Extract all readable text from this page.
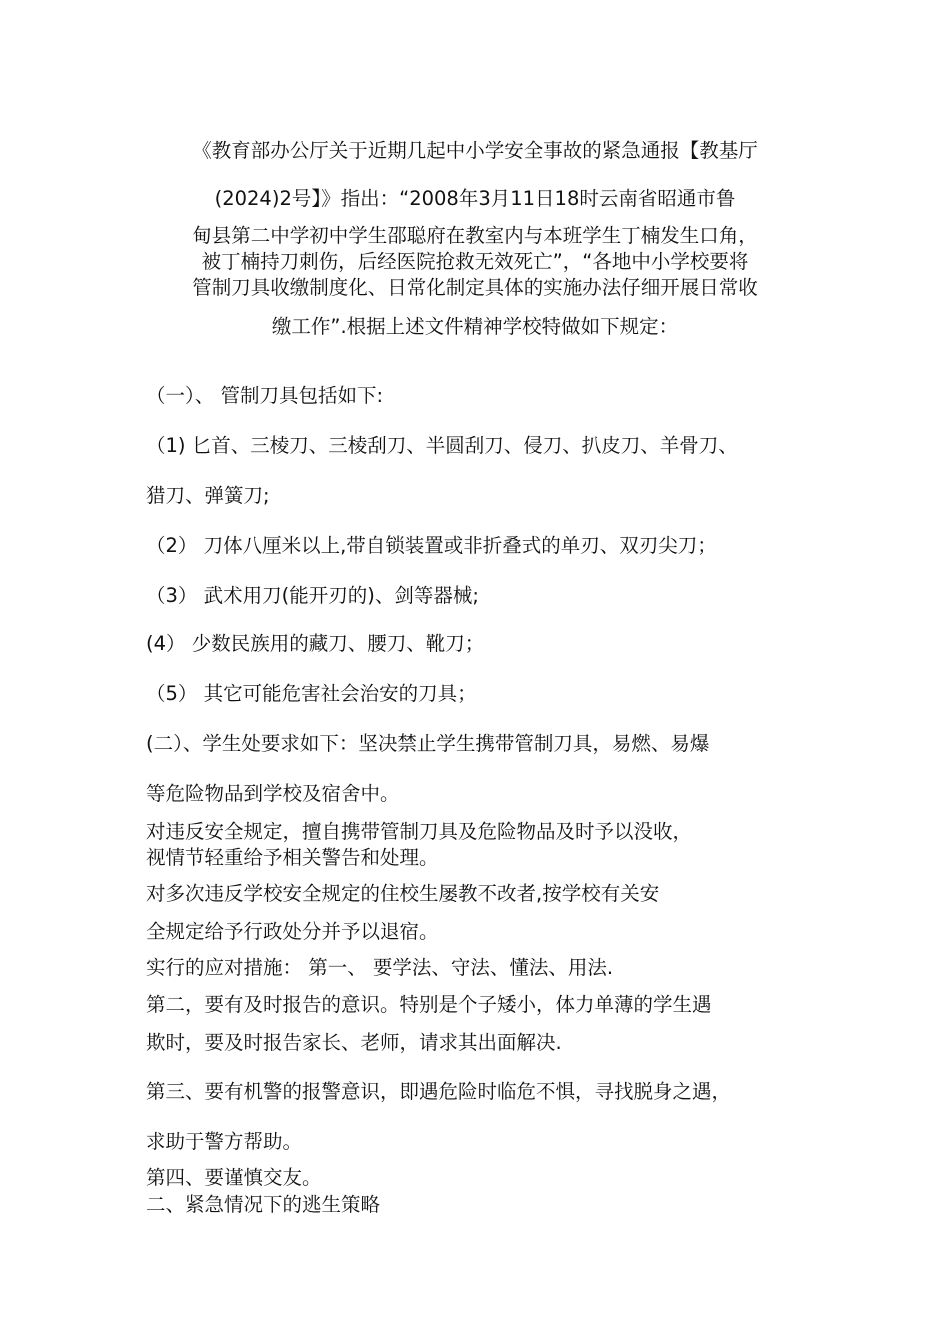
《教育部办公厅关于近期几起中小学安全事故的紧急通报【教基厅
(2024)2号】》指出：“2008年3月11日18时云南省昭通市鲁
甸县第二中学初中学生邵聪府在教室内与本班学生丁楠发生口角，
被丁楠持刀刺伤，后经医院抢救无效死亡”，“各地中小学校要将
管制刀具收缴制度化、日常化制定具体的实施办法仔细开展日常收
缴工作”.根据上述文件精神学校特做如下规定：
（一）、 管制刀具包括如下:
（1) 匕首、三棱刀、三棱刮刀、半圆刮刀、侵刀、扒皮刀、羊骨刀、
猎刀、弹簧刀;
（2） 刀体八厘米以上,带自锁装置或非折叠式的单刃、双刃尖刀；
（3） 武术用刀(能开刃的)、剑等器械;
(4） 少数民族用的藏刀、腰刀、靴刀；
（5） 其它可能危害社会治安的刀具；
(二）、学生处要求如下：坚决禁止学生携带管制刀具，易燃、易爆
等危险物品到学校及宿舍中。
对违反安全规定，擅自携带管制刀具及危险物品及时予以没收，
视情节轻重给予相关警告和处理。
对多次违反学校安全规定的住校生屡教不改者,按学校有关安
全规定给予行政处分并予以退宿。
实行的应对措施： 第一、 要学法、守法、懂法、用法.
第二，要有及时报告的意识。特别是个子矮小，体力单薄的学生遇
欺时，要及时报告家长、老师，请求其出面解决.
第三、要有机警的报警意识，即遇危险时临危不惧，寻找脱身之遇，
求助于警方帮助。
第四、要谨慎交友。
二、紧急情况下的逃生策略
